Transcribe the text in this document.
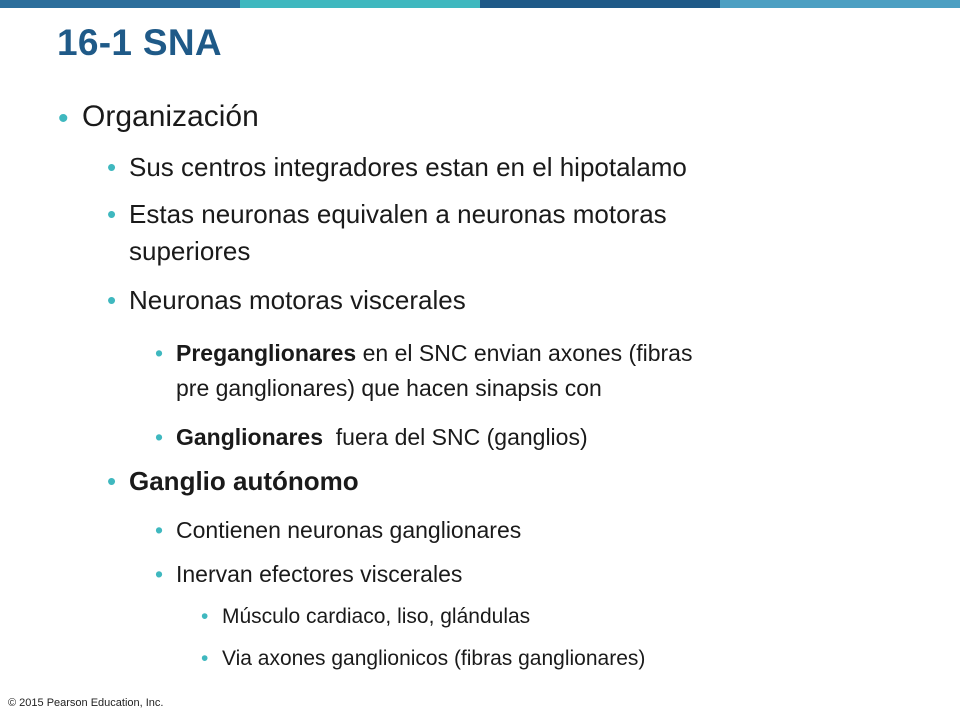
16-1 SNA
• Organización
• Sus centros integradores estan en el hipotalamo
• Estas neuronas equivalen a neuronas motoras
superiores
• Neuronas motoras viscerales
• Preganglionares en el SNC envian axones (fibras
pre ganglionares) que hacen sinapsis con
• Ganglionares  fuera del SNC (ganglios)
• Ganglio autónomo
• Contienen neuronas ganglionares
• Inervan efectores viscerales
• Músculo cardiaco, liso, glándulas
• Via axones ganglionicos (fibras ganglionares)
© 2015 Pearson Education, Inc.
